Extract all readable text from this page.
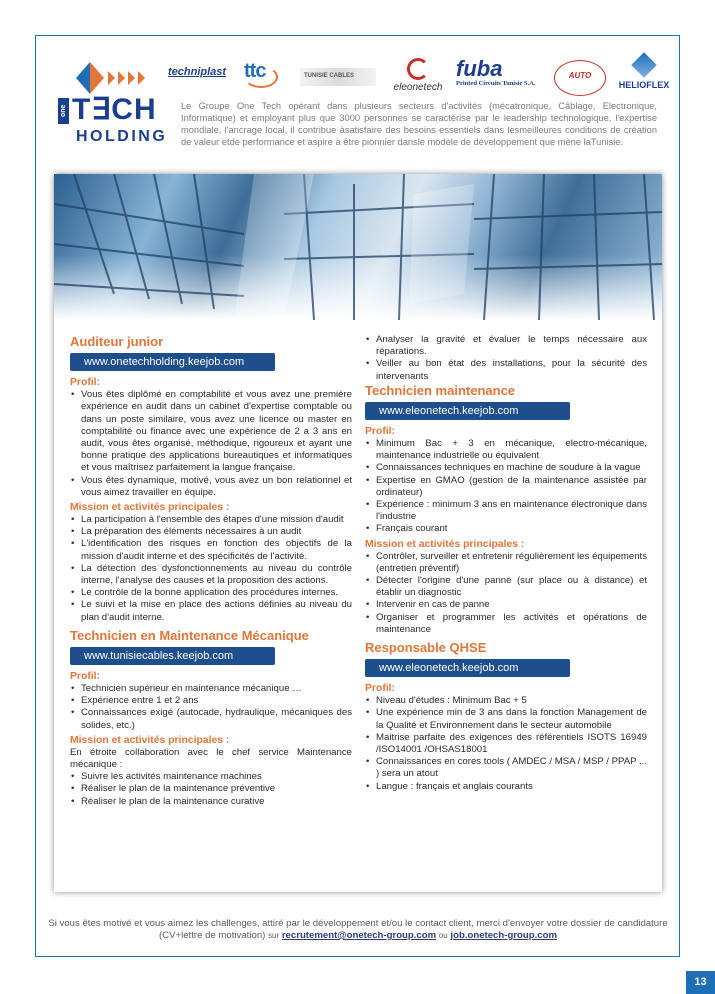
techniplast ttc	TUNISIE CABLES
eleonetech
fuba
Printed Circuits Tunisie S.A.
AUTO
HELIOFLEX
one T∃CH
HOLDING

Le Groupe One Tech opérant dans plusieurs secteurs d'activités (mécatronique, Câblage, Electronique, Informatique) et employant plus que 3000 personnes se caractérise par le leadership technologique, l'expertise mondiale, l'ancrage local, il contribue àsatisfaire des besoins essentiels dans lesmeilleures conditions de création de valeur etde performance et aspire à être pionnier dansle modèle de développement que mène laTunisie.

Auditeur junior
www.onetechholding.keejob.com
Profil:
• Vous êtes diplômé en comptabilité et vous avez une première expérience en audit dans un cabinet d'expertise comptable ou dans un poste similaire, vous avez une licence ou master en comptabilité ou finance avec une expérience de 2 a 3 ans en audit, vous êtes organisé, méthodique, rigoureux et ayant une bonne pratique des applications bureautiques et informatiques et vous maîtrisez parfaitement la langue française.
• Vous êtes dynamique, motivé, vous avez un bon relationnel et vous aimez travailler en équipe.
Mission et activités principales :
• La participation à l'ensemble des étapes d'une mission d'audit
• La préparation des éléments nécessaires à un audit
• L'identification des risques en fonction des objectifs de la mission d'audit interne et des spécificités de l'activité.
• La détection des dysfonctionnements au niveau du contrôle interne, l'analyse des causes et la proposition des actions.
• Le contrôle de la bonne application des procédures internes.
• Le suivi et la mise en place des actions définies au niveau du plan d'audit interne.
Technicien en Maintenance Mécanique
www.tunisiecables.keejob.com
Profil:
• Technicien supérieur en maintenance mécanique …
• Expérience entre 1 et 2 ans
• Connaissances exigé (autocade, hydraulique, mécaniques des solides, etc.)
Mission et activités principales :

En étroite collaboration avec le chef service Maintenance mécanique :

• Suivre les activités maintenance machines
• Réaliser le plan de la maintenance préventive
• Réaliser le plan de la maintenance curative
• Analyser la gravité et évaluer le temps nécessaire aux réparations.
• Veiller au bon état des installations, pour la sécurité des intervenants
Technicien maintenance
www.eleonetech.keejob.com
Profil:
• Minimum Bac + 3 en mécanique, electro-mécanique, maintenance industrielle ou équivalent
• Connaissances techniques en machine de soudure à la vague
• Expertise en GMAO (gestion de la maintenance assistée par ordinateur)
• Expérience : minimum 3 ans en maintenance électronique dans l'industrie
• Français courant
Mission et activités principales :
• Contrôler, surveiller et entretenir régulièrement les équipements (entretien préventif)
• Détecter l'origine d'une panne (sur place ou à distance) et établir un diagnostic
• Intervenir en cas de panne
• Organiser et programmer les activités et opérations de maintenance
Responsable QHSE
www.eleonetech.keejob.com
Profil:
• Niveau d'études : Minimum Bac + 5
• Une expérience min de 3 ans dans la fonction Management de la Qualité et Environnement dans le secteur automobile
• Maitrise parfaite des exigences des référentiels ISOTS 16949 /ISO14001 /OHSAS18001
• Connaissances en cores tools ( AMDEC / MSA / MSP / PPAP ... ) sera un atout
• Langue : français et anglais courants
Si vous êtes motivé et vous aimez les challenges, attiré par le développement et/ou le contact client, merci d'envoyer votre dossier de candidature
(CV+lettre de motivation) sur recrutement@onetech-group.com ou job.onetech-group.com
13
